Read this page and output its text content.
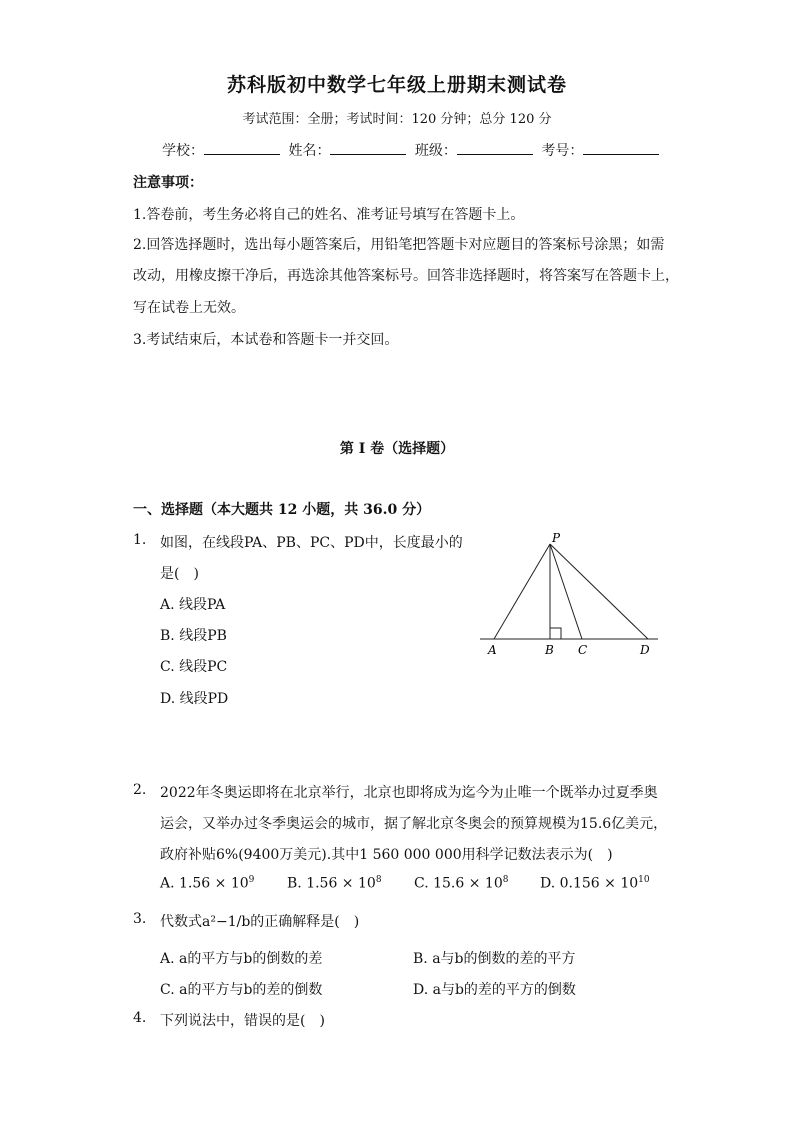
苏科版初中数学七年级上册期末测试卷
考试范围：全册；考试时间：120 分钟；总分 120 分
学校：	姓名：	班级：	考号：
注意事项：
1.答卷前，考生务必将自己的姓名、准考证号填写在答题卡上。
2.回答选择题时，选出每小题答案后，用铅笔把答题卡对应题目的答案标号涂黑；如需
改动，用橡皮擦干净后，再选涂其他答案标号。回答非选择题时，将答案写在答题卡上，
写在试卷上无效。
3.考试结束后，本试卷和答题卡一并交回。
第 I 卷（选择题）
一、选择题（本大题共 12 小题，共 36.0 分）
1. 如图，在线段PA、PB、PC、PD中，长度最小的
是(　)
A. 线段PA
B. 线段PB
C. 线段PC
D. 线段PD
P
A	B C	D
2. 2022年冬奥运即将在北京举行，北京也即将成为迄今为止唯一个既举办过夏季奥
运会，又举办过冬季奥运会的城市，据了解北京冬奥会的预算规模为15.6亿美元，
政府补贴6%(9400万美元).其中1 560 000 000用科学记数法表示为(　)
A. $1.56 \times 10^9$ B. $1.56 \times 10^8$ C. $15.6 \times 10^8$ D. $0.156 \times 10^{10}$
3. 代数式a²−1/b的正确解释是(　)
A. a的平方与b的倒数的差	B. a与b的倒数的差的平方
C. a的平方与b的差的倒数	D. a与b的差的平方的倒数
4. 下列说法中，错误的是(　)
